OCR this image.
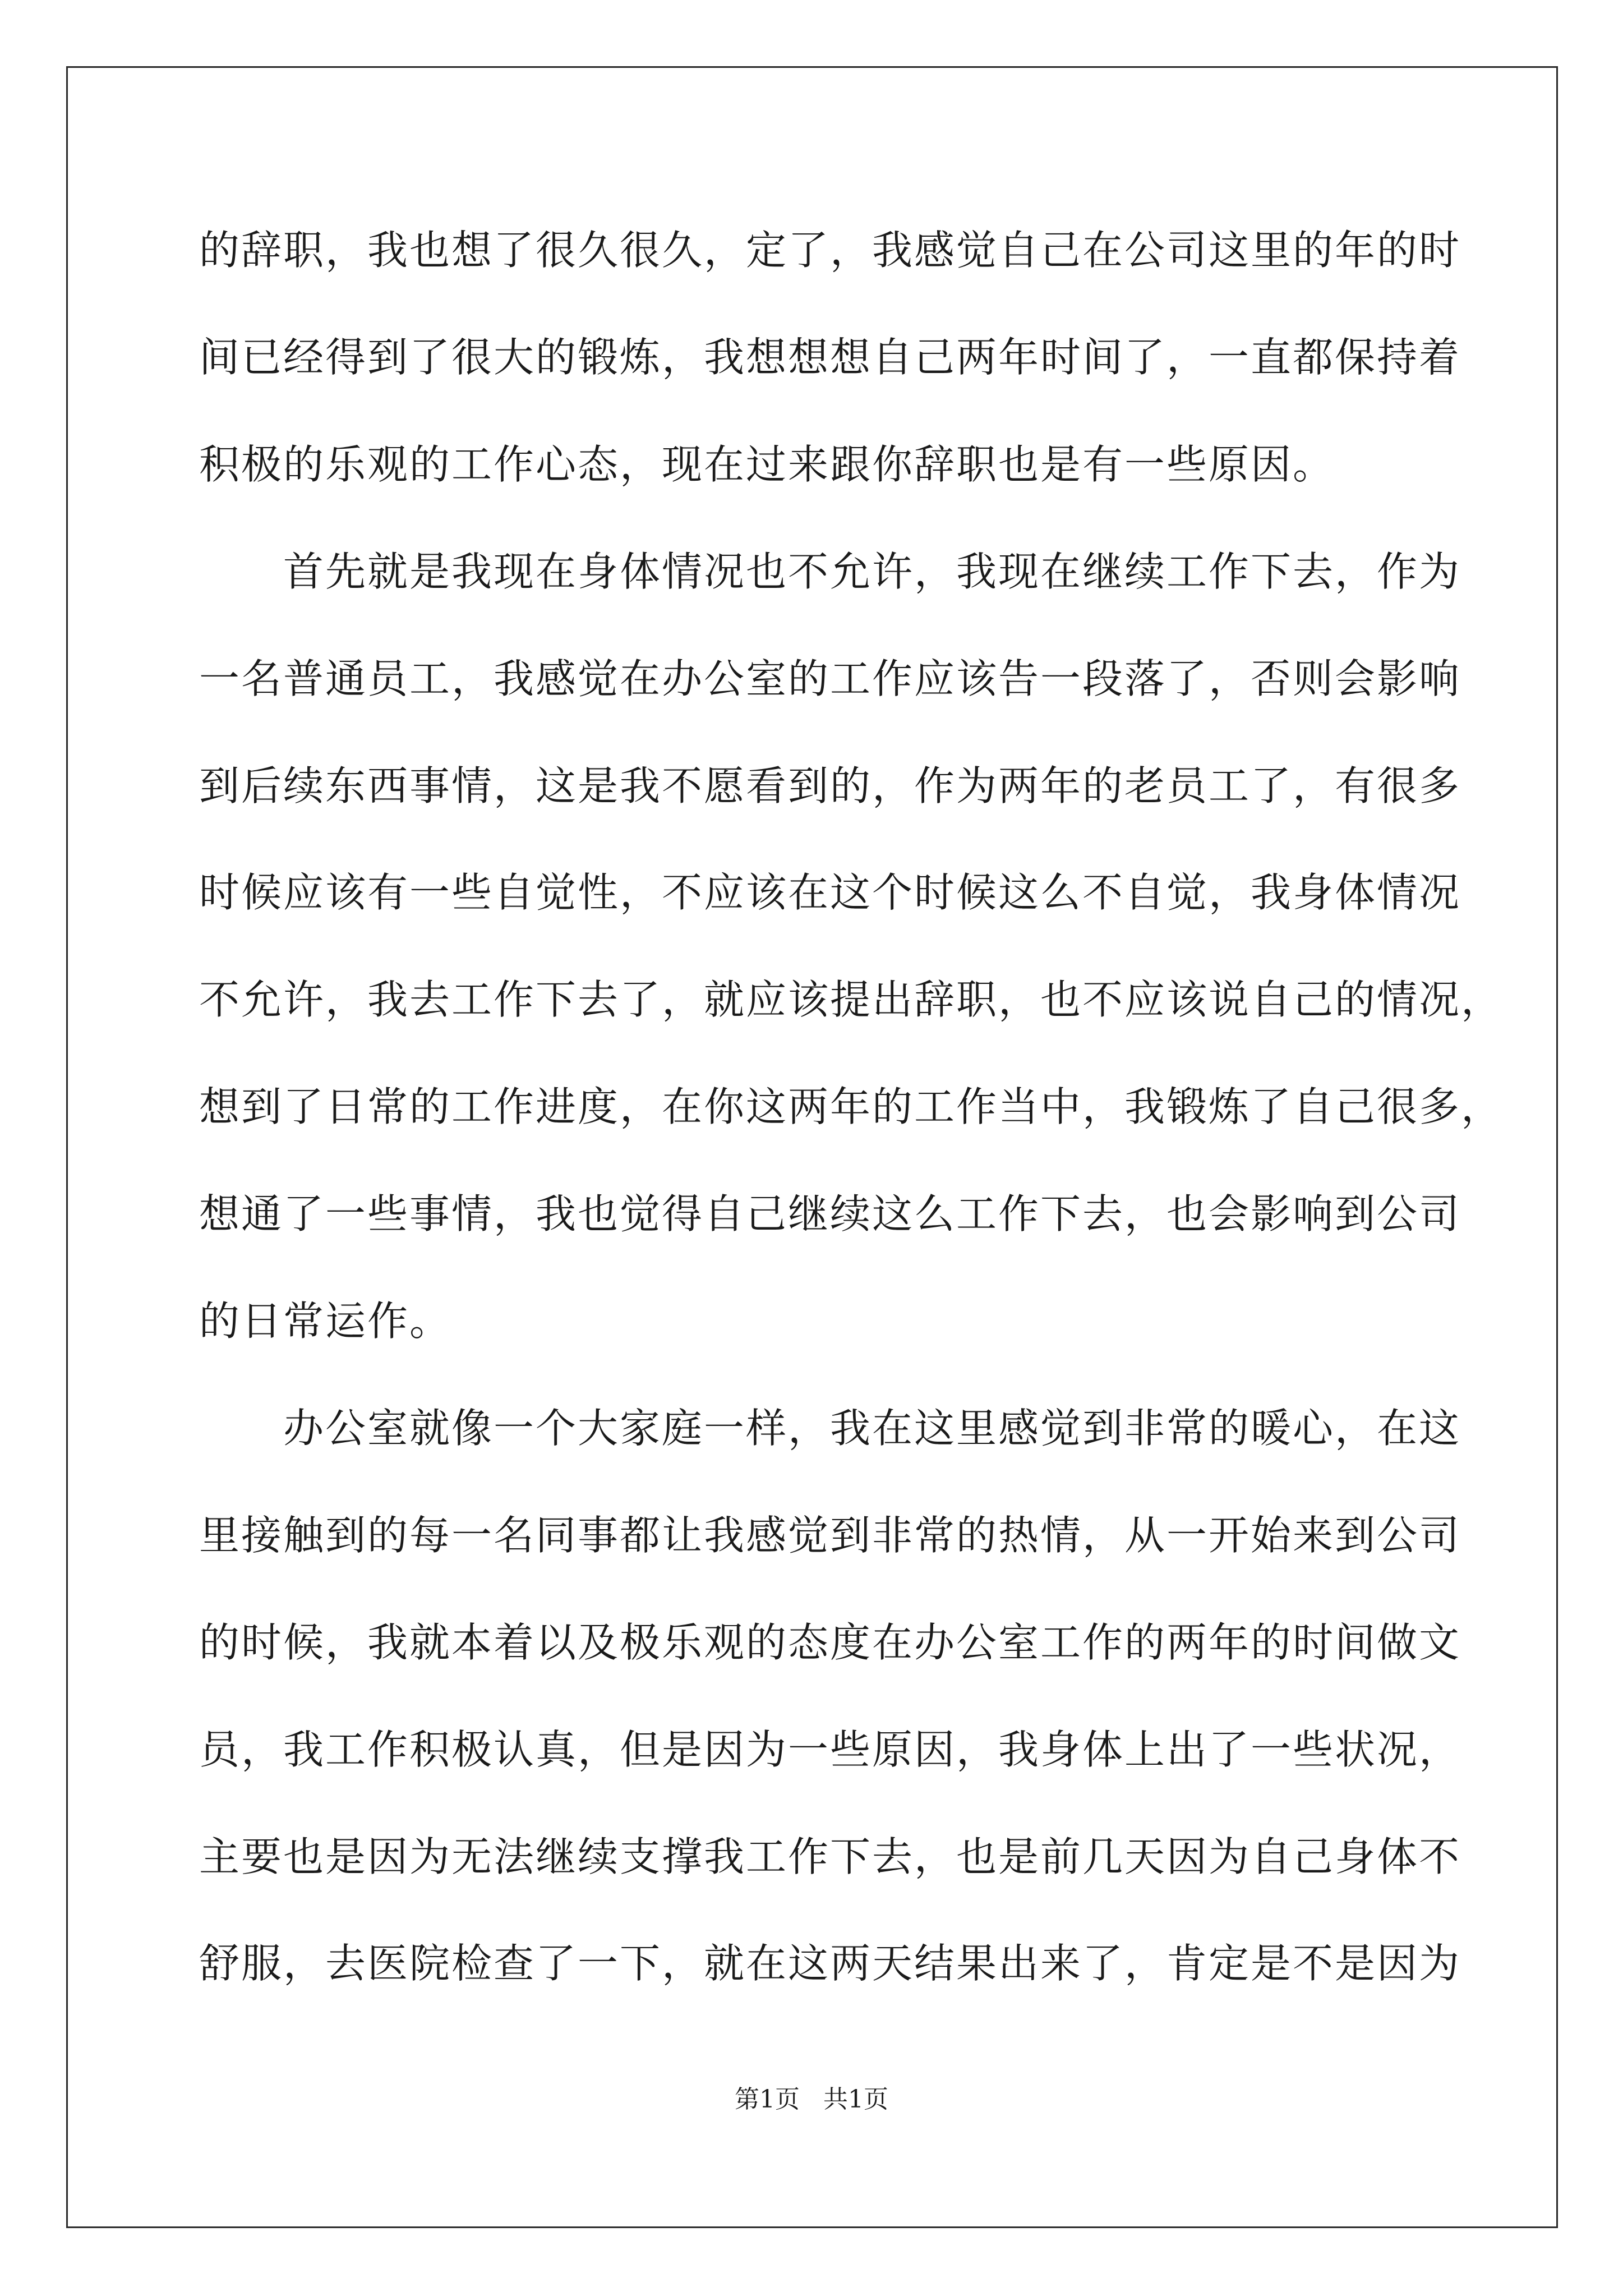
的辞职，我也想了很久很久，定了，我感觉自己在公司这里的年的时

间已经得到了很大的锻炼，我想想想自己两年时间了，一直都保持着

积极的乐观的工作心态，现在过来跟你辞职也是有一些原因。

　　首先就是我现在身体情况也不允许，我现在继续工作下去，作为

一名普通员工，我感觉在办公室的工作应该告一段落了，否则会影响

到后续东西事情，这是我不愿看到的，作为两年的老员工了，有很多

时候应该有一些自觉性，不应该在这个时候这么不自觉，我身体情况

不允许，我去工作下去了，就应该提出辞职，也不应该说自己的情况，

想到了日常的工作进度，在你这两年的工作当中，我锻炼了自己很多，

想通了一些事情，我也觉得自己继续这么工作下去，也会影响到公司

的日常运作。

　　办公室就像一个大家庭一样，我在这里感觉到非常的暖心，在这

里接触到的每一名同事都让我感觉到非常的热情，从一开始来到公司

的时候，我就本着以及极乐观的态度在办公室工作的两年的时间做文

员，我工作积极认真，但是因为一些原因，我身体上出了一些状况，

主要也是因为无法继续支撑我工作下去，也是前几天因为自己身体不

舒服，去医院检查了一下，就在这两天结果出来了，肯定是不是因为

第1页   共1页
